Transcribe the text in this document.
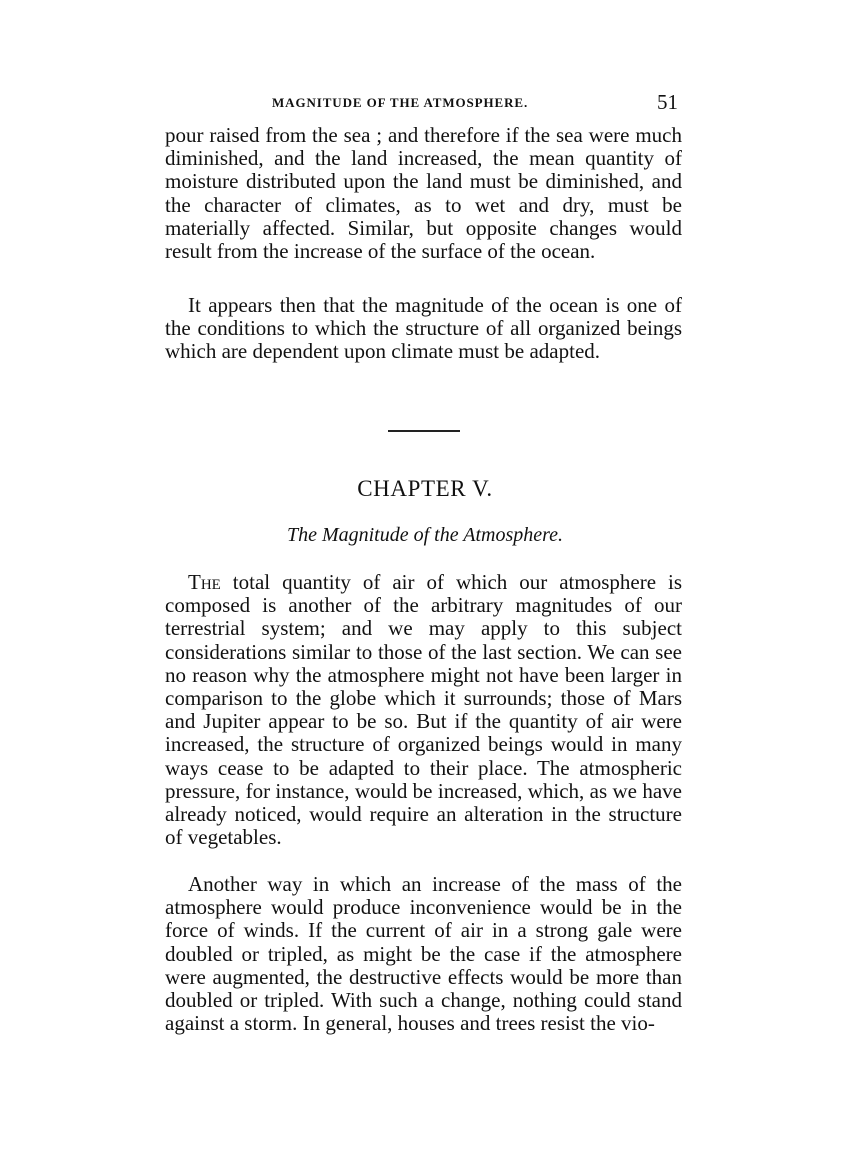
MAGNITUDE OF THE ATMOSPHERE.	51

pour raised from the sea ; and therefore if the sea were much diminished, and the land increased, the mean quantity of moisture distributed upon the land must be diminished, and the character of climates, as to wet and dry, must be materially affected. Similar, but opposite changes would result from the increase of the surface of the ocean.

It appears then that the magnitude of the ocean is one of the conditions to which the structure of all organized beings which are dependent upon climate must be adapted.

CHAPTER V.
The Magnitude of the Atmosphere.

The total quantity of air of which our atmosphere is composed is another of the arbitrary magnitudes of our terrestrial system; and we may apply to this subject considerations similar to those of the last section. We can see no reason why the atmosphere might not have been larger in comparison to the globe which it surrounds; those of Mars and Jupiter appear to be so. But if the quantity of air were increased, the structure of organized beings would in many ways cease to be adapted to their place. The atmospheric pressure, for instance, would be increased, which, as we have already noticed, would require an alteration in the structure of vegetables.

Another way in which an increase of the mass of the atmosphere would produce inconvenience would be in the force of winds. If the current of air in a strong gale were doubled or tripled, as might be the case if the atmosphere were augmented, the destructive effects would be more than doubled or tripled. With such a change, nothing could stand against a storm. In general, houses and trees resist the vio-
